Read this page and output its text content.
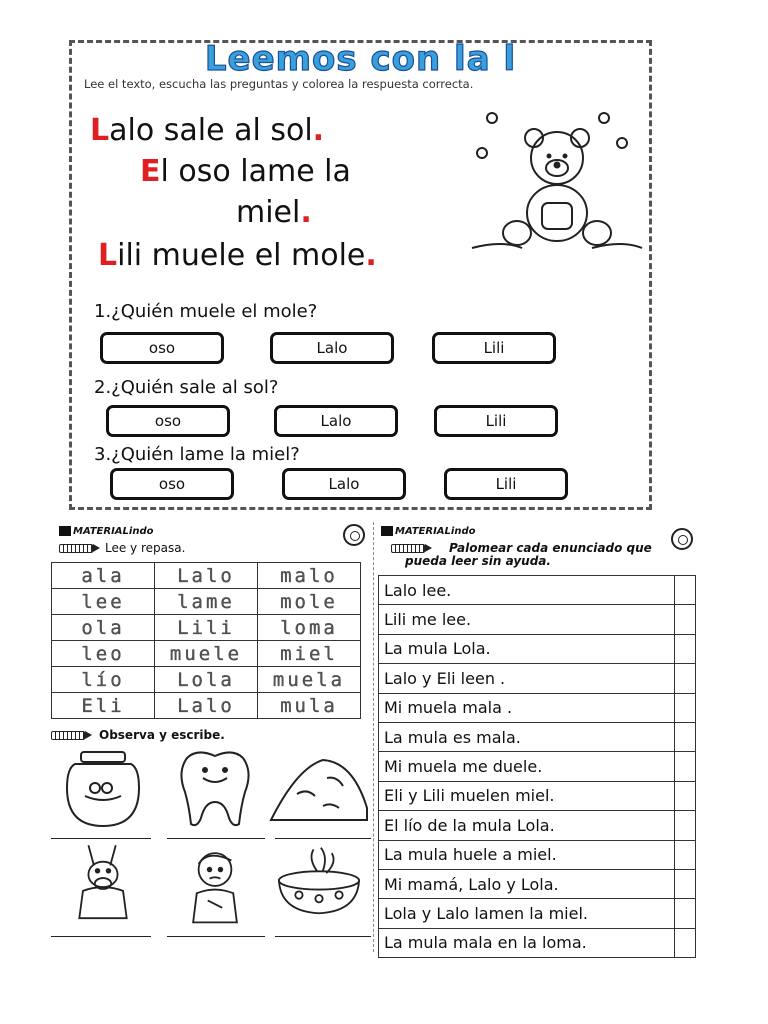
Leemos con la l
Lee el texto, escucha las preguntas y colorea la respuesta correcta.
Lalo sale al sol.
El oso lame la
miel.
Lili muele el mole.
1.¿Quién muele el mole?
oso	Lalo	Lili
2.¿Quién sale al sol?
oso	Lalo	Lili
3.¿Quién lame la miel?
oso	Lalo	Lili
MATERIALindo
Lee y repasa.
ala	Lalo	malo
lee	lame	mole
ola	Lili	loma
leo	muele	miel
lío	Lola	muela
Eli	Lalo	mula
Observa y escribe.
MATERIALindo
Palomear cada enunciado que
pueda leer sin ayuda.
Lalo lee.	
Lili me lee.	
La mula Lola.	
Lalo y Eli leen .	
Mi muela mala .	
La mula es mala.	
Mi muela me duele.	
Eli y Lili muelen miel.	
El lío de la mula Lola.	
La mula huele a miel.	
Mi mamá, Lalo y Lola.	
Lola y Lalo lamen la miel.	
La mula mala en la loma.	
